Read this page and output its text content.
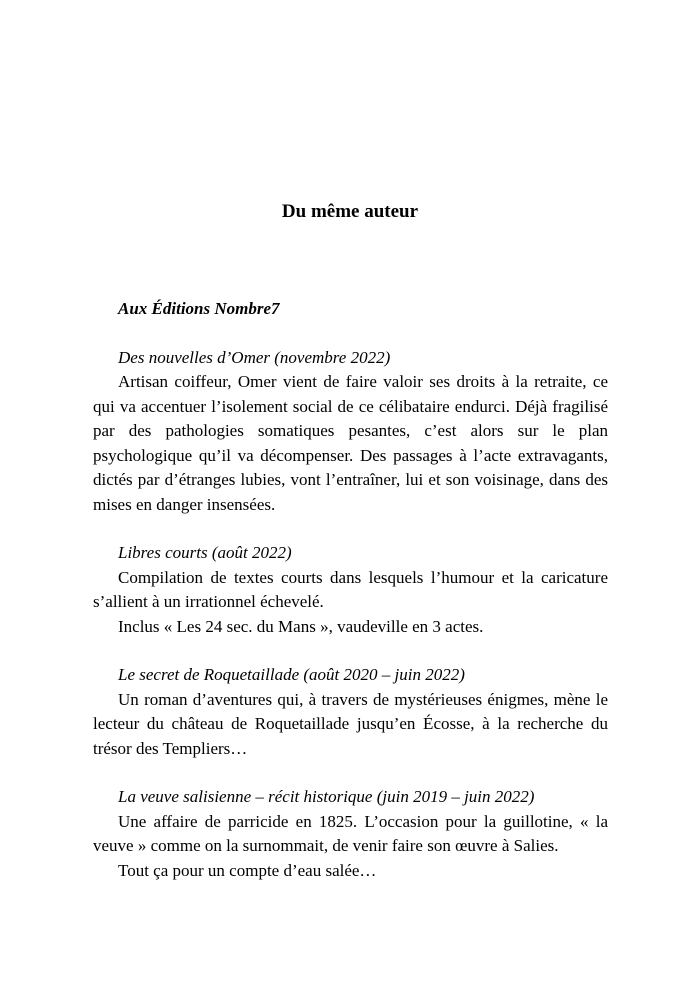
Du même auteur
Aux Éditions Nombre7
Des nouvelles d’Omer (novembre 2022)

Artisan coiffeur, Omer vient de faire valoir ses droits à la retraite, ce qui va accentuer l’isolement social de ce célibataire endurci. Déjà fragilisé par des pathologies somatiques pesantes, c’est alors sur le plan psychologique qu’il va décompenser. Des passages à l’acte extravagants, dictés par d’étranges lubies, vont l’entraîner, lui et son voisinage, dans des mises en danger insensées.

Libres courts (août 2022)

Compilation de textes courts dans lesquels l’humour et la caricature s’allient à un irrationnel échevelé.

Inclus « Les 24 sec. du Mans », vaudeville en 3 actes.

Le secret de Roquetaillade (août 2020 – juin 2022)

Un roman d’aventures qui, à travers de mystérieuses énigmes, mène le lecteur du château de Roquetaillade jusqu’en Écosse, à la recherche du trésor des Templiers…

La veuve salisienne – récit historique (juin 2019 – juin 2022)

Une affaire de parricide en 1825. L’occasion pour la guillotine, « la veuve » comme on la surnommait, de venir faire son œuvre à Salies.

Tout ça pour un compte d’eau salée…
